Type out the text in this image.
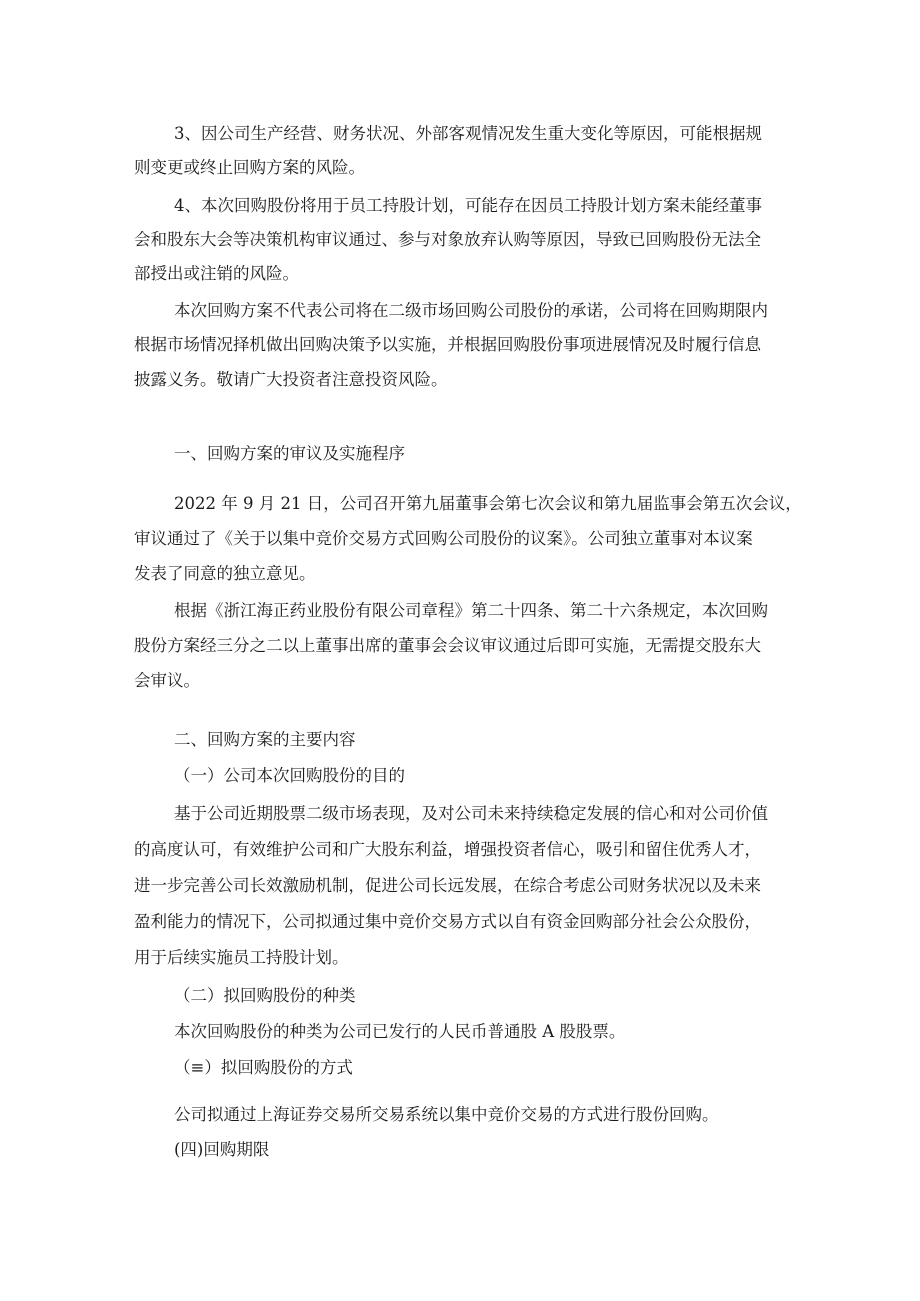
3、因公司生产经营、财务状况、外部客观情况发生重大变化等原因，可能根据规
则变更或终止回购方案的风险。
4、本次回购股份将用于员工持股计划，可能存在因员工持股计划方案未能经董事
会和股东大会等决策机构审议通过、参与对象放弃认购等原因，导致已回购股份无法全
部授出或注销的风险。
本次回购方案不代表公司将在二级市场回购公司股份的承诺，公司将在回购期限内
根据市场情况择机做出回购决策予以实施，并根据回购股份事项进展情况及时履行信息
披露义务。敬请广大投资者注意投资风险。
一、回购方案的审议及实施程序
2022 年 9 月 21 日，公司召开第九届董事会第七次会议和第九届监事会第五次会议，
审议通过了《关于以集中竞价交易方式回购公司股份的议案》。公司独立董事对本议案
发表了同意的独立意见。
根据《浙江海正药业股份有限公司章程》第二十四条、第二十六条规定，本次回购
股份方案经三分之二以上董事出席的董事会会议审议通过后即可实施，无需提交股东大
会审议。
二、回购方案的主要内容
（一）公司本次回购股份的目的
基于公司近期股票二级市场表现，及对公司未来持续稳定发展的信心和对公司价值
的高度认可，有效维护公司和广大股东利益，增强投资者信心，吸引和留住优秀人才，
进一步完善公司长效激励机制，促进公司长远发展，在综合考虑公司财务状况以及未来
盈利能力的情况下，公司拟通过集中竞价交易方式以自有资金回购部分社会公众股份，
用于后续实施员工持股计划。
（二）拟回购股份的种类
本次回购股份的种类为公司已发行的人民币普通股 A 股股票。
（≡）拟回购股份的方式
公司拟通过上海证券交易所交易系统以集中竞价交易的方式进行股份回购。
(四)回购期限
